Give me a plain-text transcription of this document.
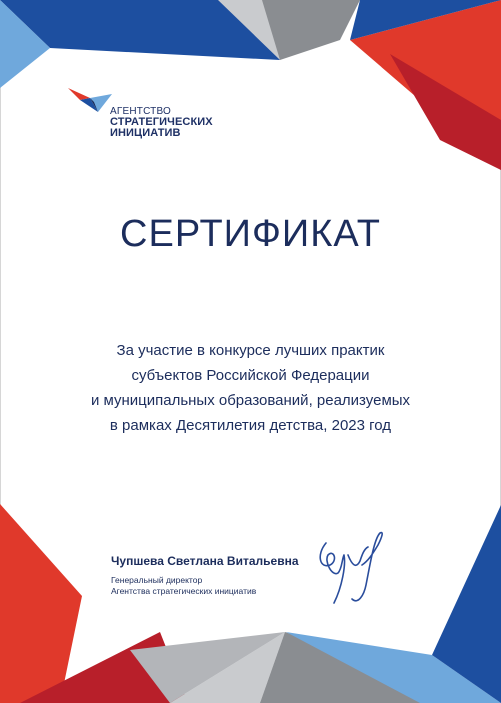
АГЕНТСТВО
СТРАТЕГИЧЕСКИХ
ИНИЦИАТИВ
СЕРТИФИКАТ
За участие в конкурсе лучших практик
субъектов Российской Федерации
и муниципальных образований, реализуемых
в рамках Десятилетия детства, 2023 год
Чупшева Светлана Витальевна
Генеральный директор
Агентства стратегических инициатив
